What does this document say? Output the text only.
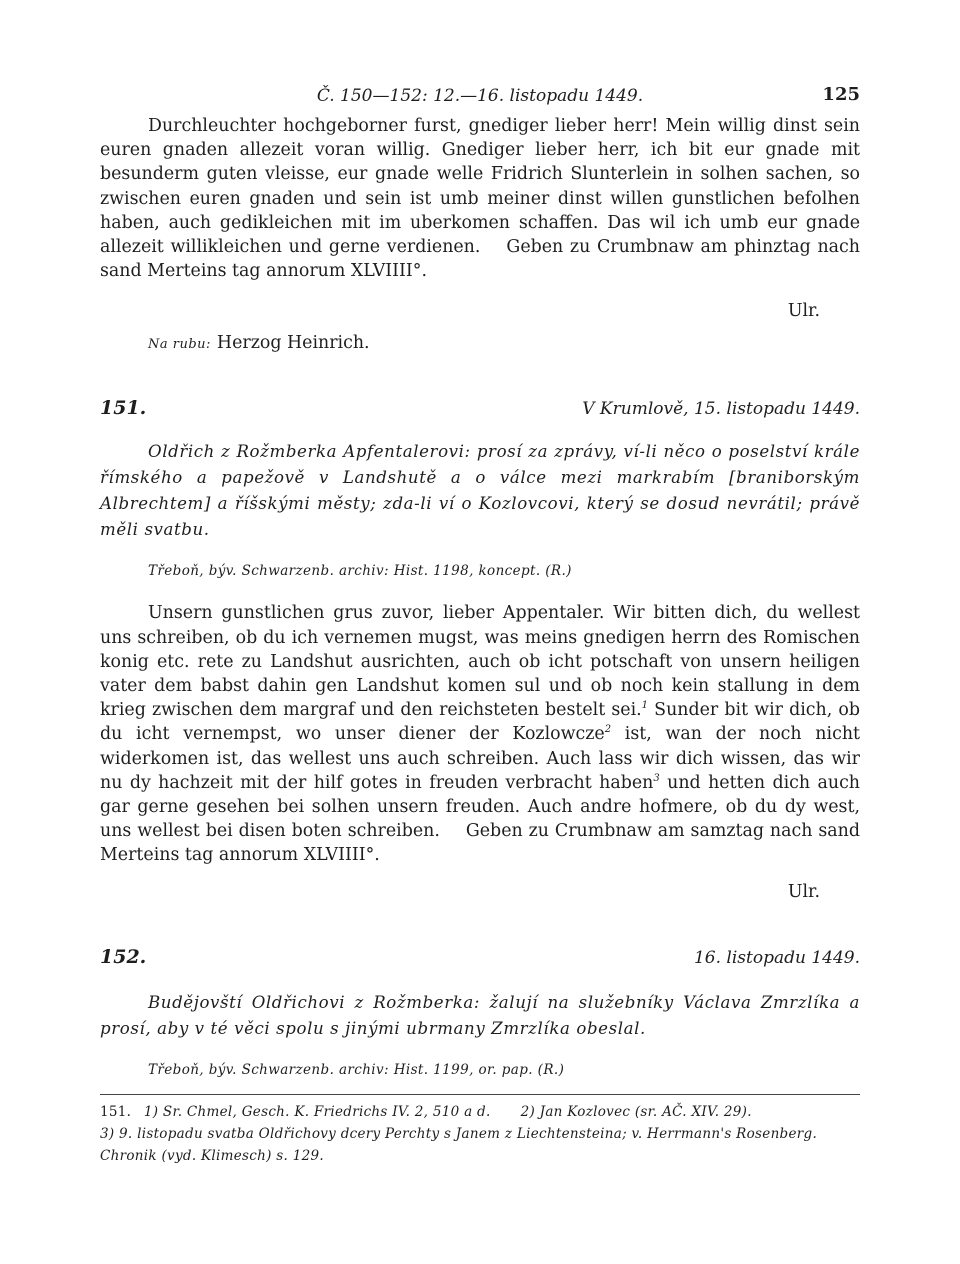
Č. 150—152: 12.—16. listopadu 1449.	125

Durchleuchter hochgeborner furst, gnediger lieber herr! Mein willig dinst sein euren gnaden allezeit voran willig. Gnediger lieber herr, ich bit eur gnade mit besunderm guten vleisse, eur gnade welle Fridrich Slunterlein in solhen sachen, so zwischen euren gnaden und sein ist umb meiner dinst willen gunstlichen befolhen haben, auch gedikleichen mit im uberkomen schaffen. Das wil ich umb eur gnade allezeit willikleichen und gerne verdienen. Geben zu Crumbnaw am phinztag nach sand Merteins tag annorum XLVIIII°.

Ulr.
Na rubu: Herzog Heinrich.
151.	V Krumlově, 15. listopadu 1449.

Oldřich z Rožmberka Apfentalerovi: prosí za zprávy, ví-li něco o poselství krále římského a papežově v Landshutě a o válce mezi markrabím [braniborským Albrechtem] a říšskými městy; zda-li ví o Kozlovcovi, který se dosud nevrátil; právě měli svatbu.

Třeboň, býv. Schwarzenb. archiv: Hist. 1198, koncept. (R.)

Unsern gunstlichen grus zuvor, lieber Appentaler. Wir bitten dich, du wellest uns schreiben, ob du ich vernemen mugst, was meins gnedigen herrn des Romischen konig etc. rete zu Landshut ausrichten, auch ob icht potschaft von unsern heiligen vater dem babst dahin gen Landshut komen sul und ob noch kein stallung in dem krieg zwischen dem margraf und den reichsteten bestelt sei.$^1$ Sunder bit wir dich, ob du icht vernempst, wo unser diener der Kozlowcze$^2$ ist, wan der noch nicht widerkomen ist, das wellest uns auch schreiben. Auch lass wir dich wissen, das wir nu dy hachzeit mit der hilf gotes in freuden verbracht haben$^3$ und hetten dich auch gar gerne gesehen bei solhen unsern freuden. Auch andre hofmere, ob du dy west, uns wellest bei disen boten schreiben. Geben zu Crumbnaw am samztag nach sand Merteins tag annorum XLVIIII°.

Ulr.
152.	16. listopadu 1449.

Budějovští Oldřichovi z Rožmberka: žalují na služebníky Václava Zmrzlíka a prosí, aby v té věci spolu s jinými ubrmany Zmrzlíka obeslal.

Třeboň, býv. Schwarzenb. archiv: Hist. 1199, or. pap. (R.)
151. 1) Sr. Chmel, Gesch. K. Friedrichs IV. 2, 510 a d. 2) Jan Kozlovec (sr. AČ. XIV. 29).
3) 9. listopadu svatba Oldřichovy dcery Perchty s Janem z Liechtensteina; v. Herrmann's Rosenberg. Chronik (vyd. Klimesch) s. 129.
